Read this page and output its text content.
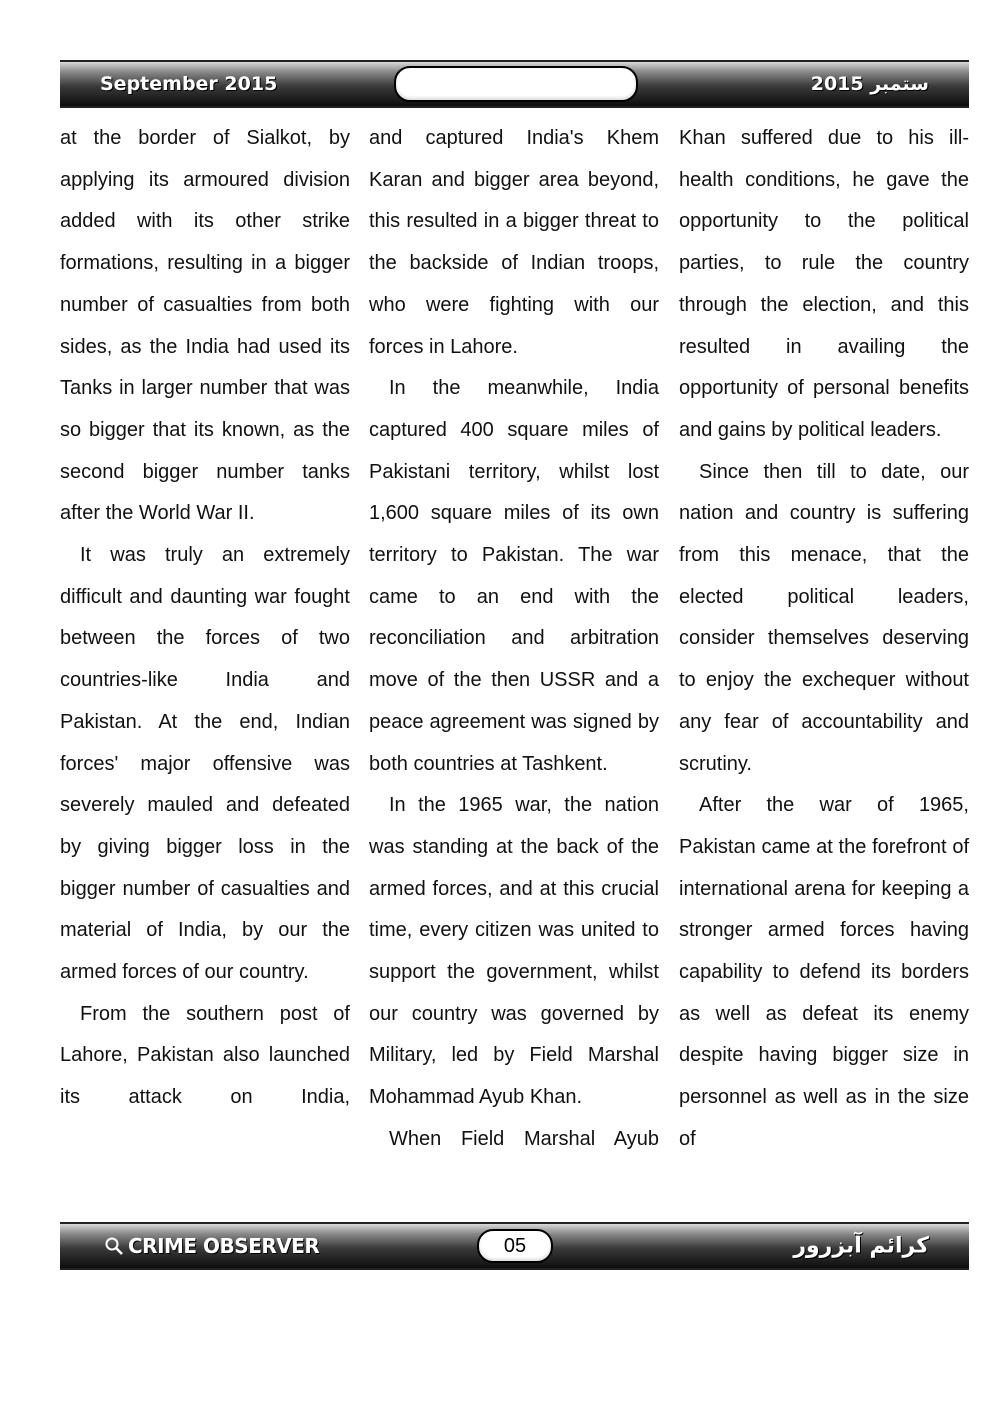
September 2015	2015 ستمبر

at the border of Sialkot, by applying its armoured division added with its other strike formations, resulting in a bigger number of casualties from both sides, as the India had used its Tanks in larger number that was so bigger that its known, as the second bigger number tanks after the World War II.

It was truly an extremely difficult and daunting war fought between the forces of two countries-like India and Pakistan. At the end, Indian forces' major offensive was severely mauled and defeated by giving bigger loss in the bigger number of casualties and material of India, by our the armed forces of our country.

From the southern post of Lahore, Pakistan also launched its attack on India,

and captured India's Khem Karan and bigger area beyond, this resulted in a bigger threat to the backside of Indian troops, who were fighting with our forces in Lahore.

In the meanwhile, India captured 400 square miles of Pakistani territory, whilst lost 1,600 square miles of its own territory to Pakistan. The war came to an end with the reconciliation and arbitration move of the then USSR and a peace agreement was signed by both countries at Tashkent.

In the 1965 war, the nation was standing at the back of the armed forces, and at this crucial time, every citizen was united to support the government, whilst our country was governed by Military, led by Field Marshal Mohammad Ayub Khan.

When Field Marshal Ayub

Khan suffered due to his ill-health conditions, he gave the opportunity to the political parties, to rule the country through the election, and this resulted in availing the opportunity of personal benefits and gains by political leaders.

Since then till to date, our nation and country is suffering from this menace, that the elected political leaders, consider themselves deserving to enjoy the exchequer without any fear of accountability and scrutiny.

After the war of 1965, Pakistan came at the forefront of international arena for keeping a stronger armed forces having capability to defend its borders as well as defeat its enemy despite having bigger size in personnel as well as in the size of

CRIME OBSERVER	05	کرائم آبزرور
